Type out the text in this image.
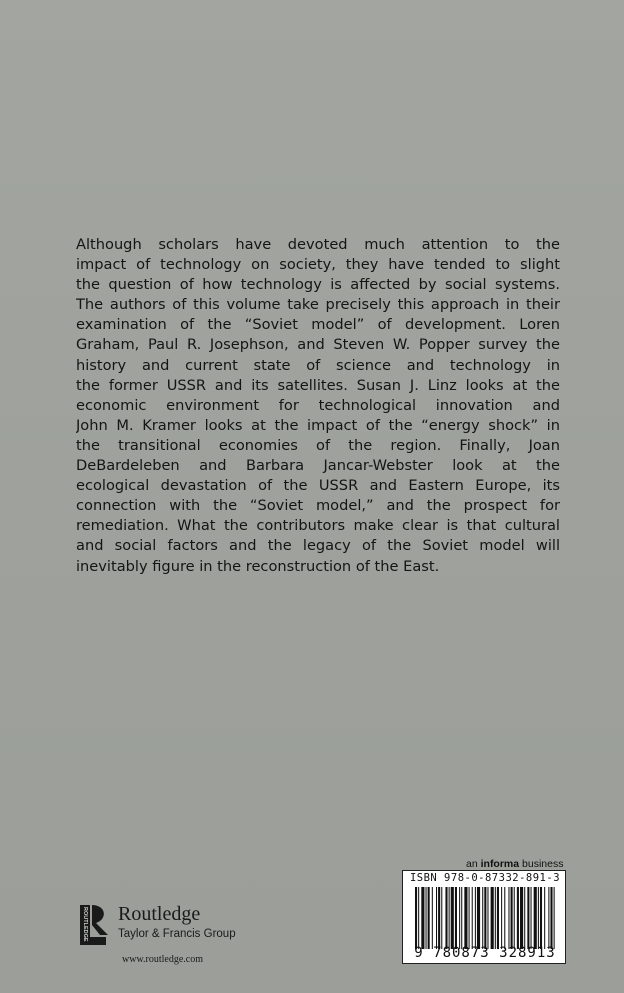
Although scholars have devoted much attention to the
impact of technology on society, they have tended to slight
the question of how technology is affected by social systems.
The authors of this volume take precisely this approach in their
examination of the “Soviet model” of development. Loren
Graham, Paul R. Josephson, and Steven W. Popper survey the
history and current state of science and technology in
the former USSR and its satellites. Susan J. Linz looks at the
economic environment for technological innovation and
John M. Kramer looks at the impact of the “energy shock” in
the transitional economies of the region. Finally, Joan
DeBardeleben and Barbara Jancar-Webster look at the
ecological devastation of the USSR and Eastern Europe, its
connection with the “Soviet model,” and the prospect for
remediation. What the contributors make clear is that cultural
and social factors and the legacy of the Soviet model will
inevitably figure in the reconstruction of the East.
an informa business
ISBN 978-0-87332-891-3
9 780873 328913
ROUTLEDGE Routledge
Taylor & Francis Group
www.routledge.com
